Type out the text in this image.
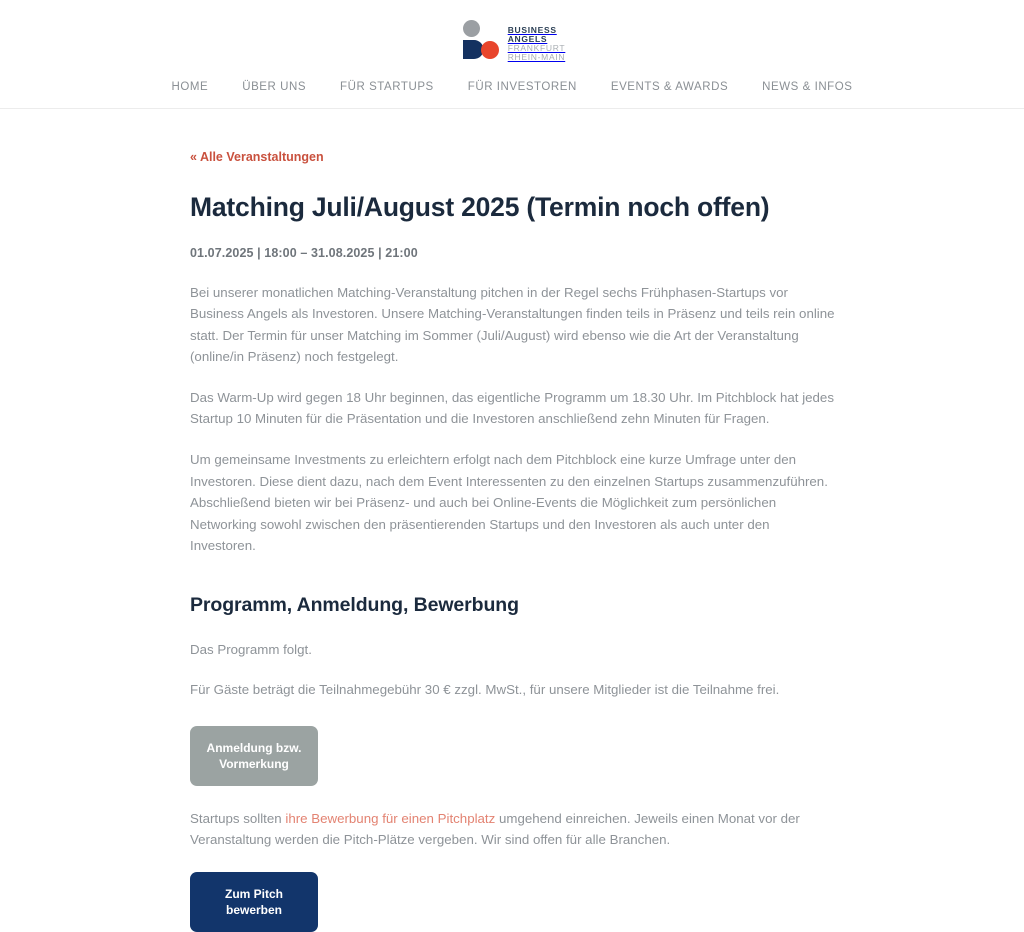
BUSINESS
ANGELS
FRANKFURT
RHEIN-MAIN
HOME	ÜBER UNS	FÜR STARTUPS	FÜR INVESTOREN	EVENTS & AWARDS	NEWS & INFOS
« Alle Veranstaltungen
Matching Juli/August 2025 (Termin noch offen)

01.07.2025 | 18:00 – 31.08.2025 | 21:00

Bei unserer monatlichen Matching-Veranstaltung pitchen in der Regel sechs Frühphasen-Startups vor Business Angels als Investoren. Unsere Matching-Veranstaltungen finden teils in Präsenz und teils rein online statt. Der Termin für unser Matching im Sommer (Juli/August) wird ebenso wie die Art der Veranstaltung (online/in Präsenz) noch festgelegt.

Das Warm-Up wird gegen 18 Uhr beginnen, das eigentliche Programm um 18.30 Uhr. Im Pitchblock hat jedes Startup 10 Minuten für die Präsentation und die Investoren anschließend zehn Minuten für Fragen.

Um gemeinsame Investments zu erleichtern erfolgt nach dem Pitchblock eine kurze Umfrage unter den Investoren. Diese dient dazu, nach dem Event Interessenten zu den einzelnen Startups zusammenzuführen. Abschließend bieten wir bei Präsenz- und auch bei Online-Events die Möglichkeit zum persönlichen Networking sowohl zwischen den präsentierenden Startups und den Investoren als auch unter den Investoren.

Programm, Anmeldung, Bewerbung

Das Programm folgt.

Für Gäste beträgt die Teilnahmegebühr 30 € zzgl. MwSt., für unsere Mitglieder ist die Teilnahme frei.

Anmeldung bzw. Vormerkung

Startups sollten ihre Bewerbung für einen Pitchplatz umgehend einreichen. Jeweils einen Monat vor der Veranstaltung werden die Pitch-Plätze vergeben. Wir sind offen für alle Branchen.

Zum Pitch bewerben
